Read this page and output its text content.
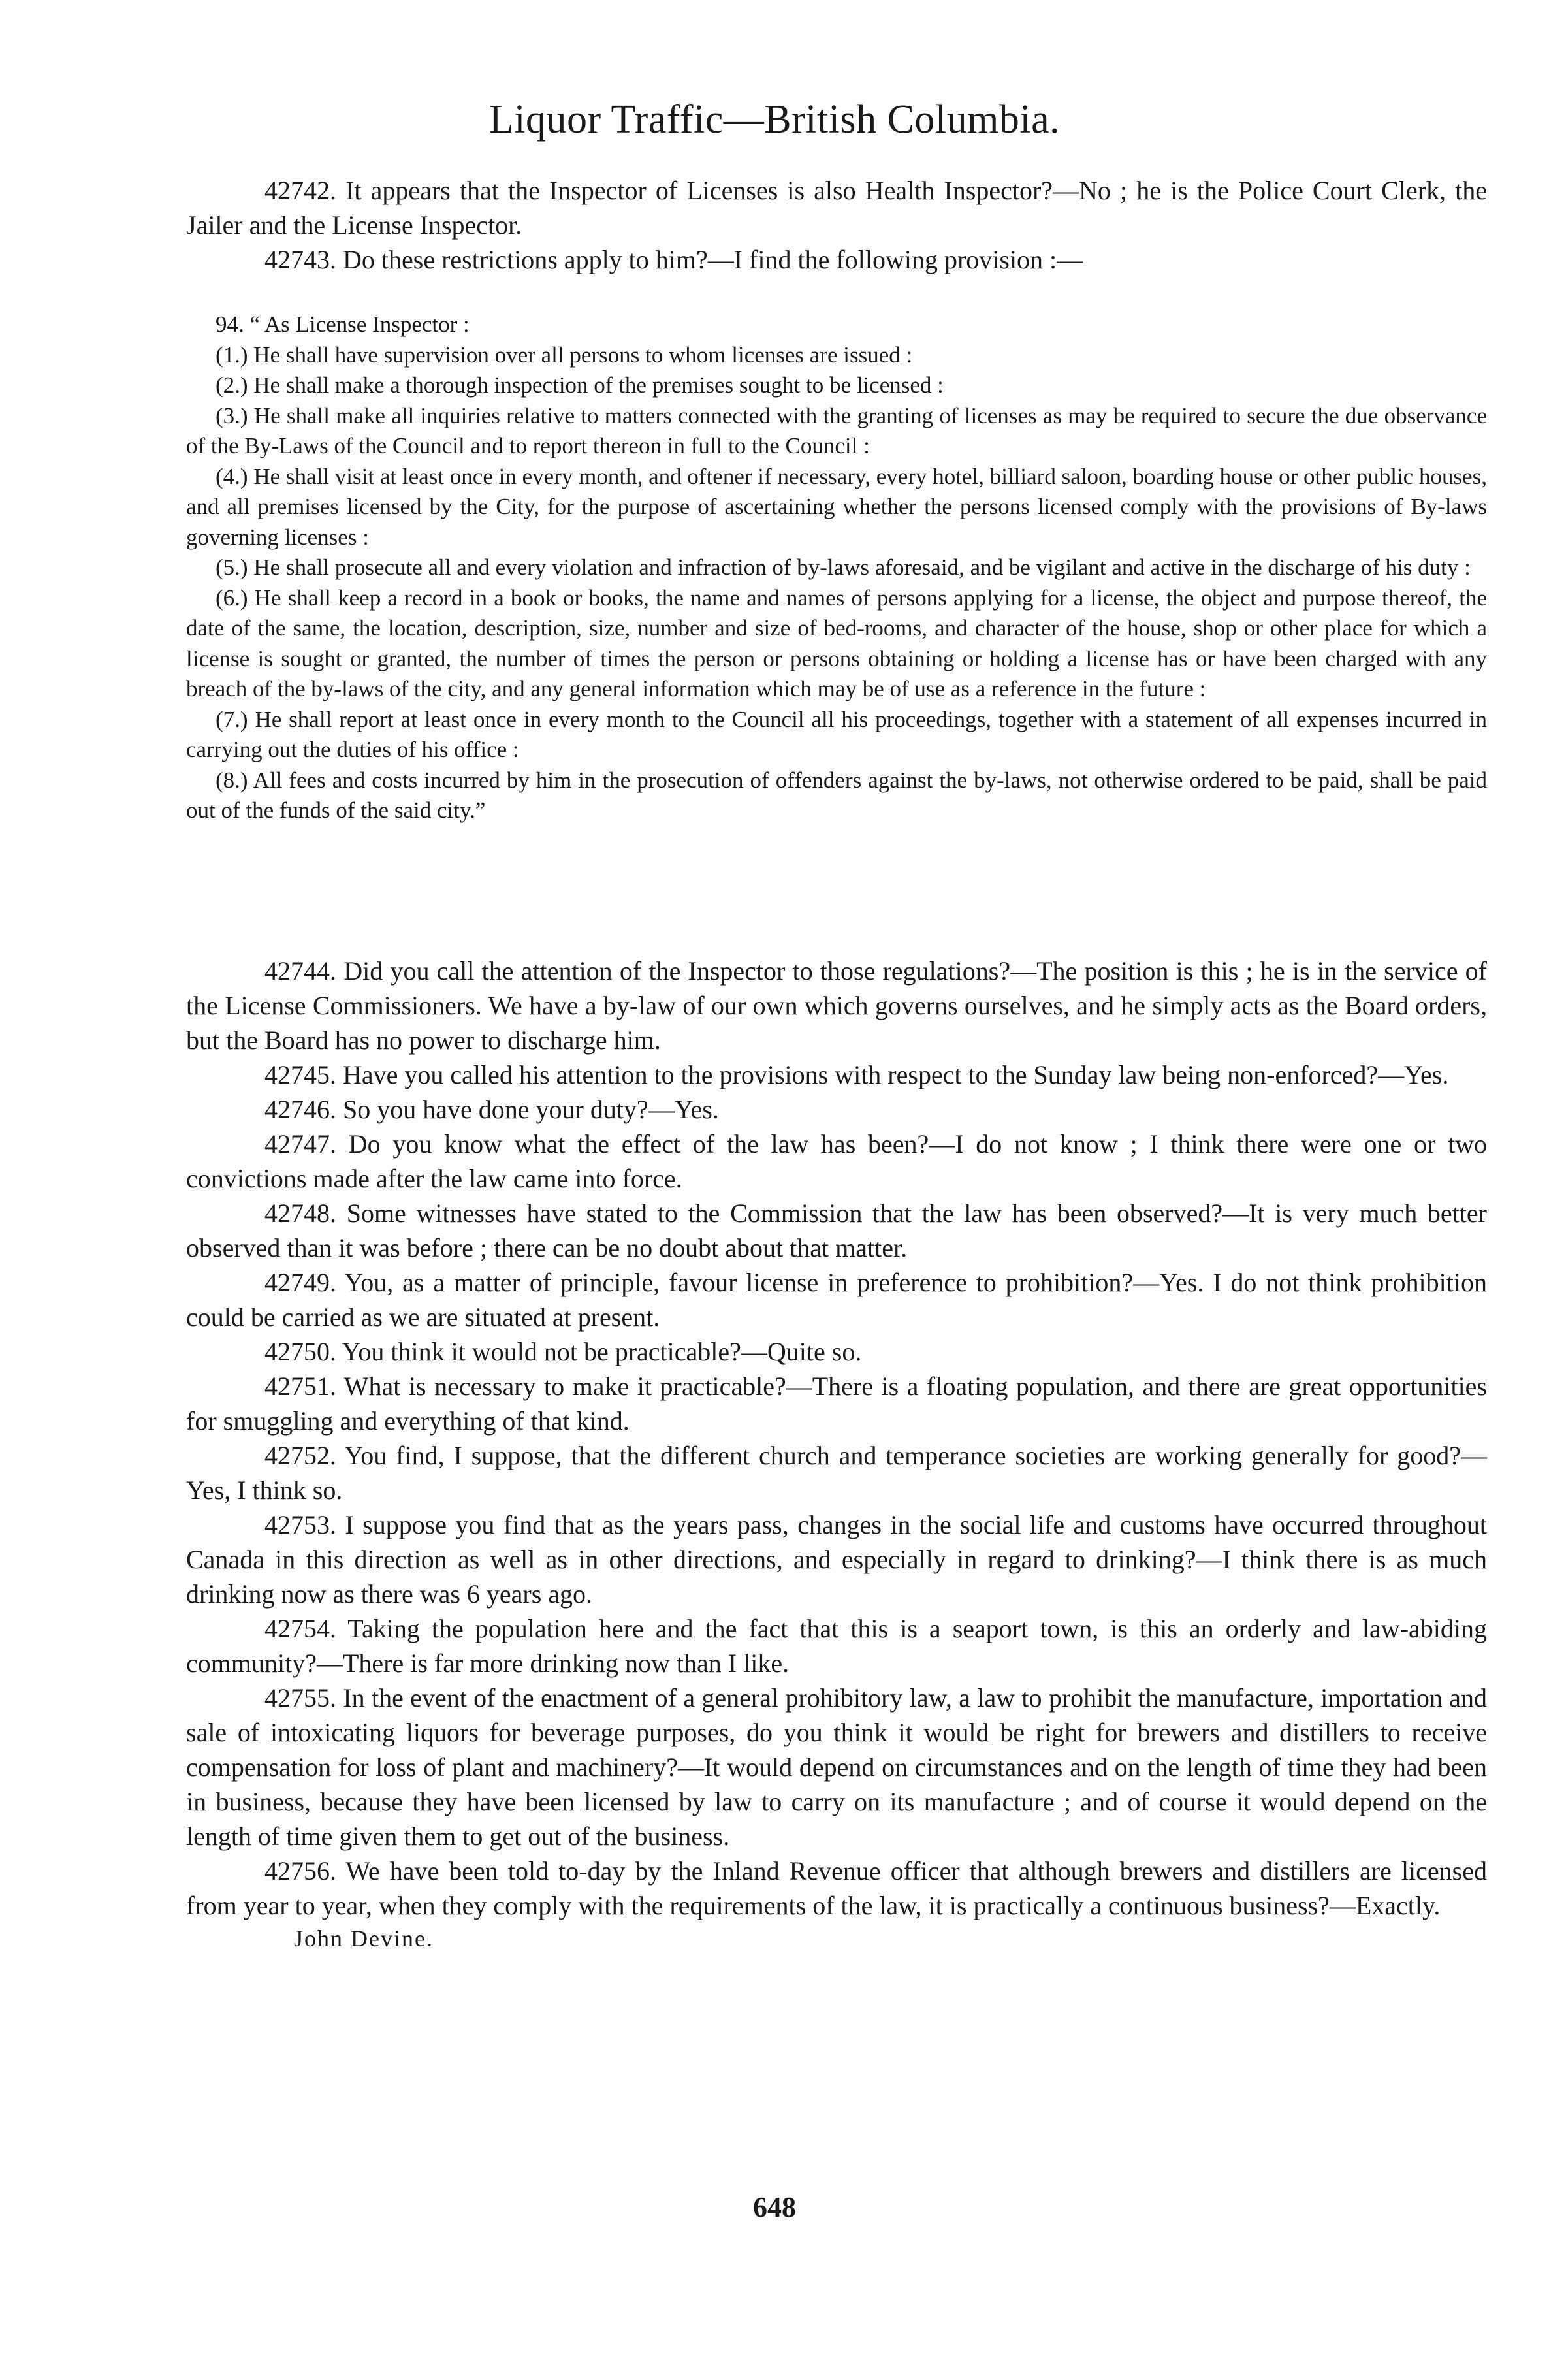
Liquor Traffic—British Columbia.

42742. It appears that the Inspector of Licenses is also Health Inspector?—No ; he is the Police Court Clerk, the Jailer and the License Inspector.

42743. Do these restrictions apply to him?—I find the following provision :—

94. “ As License Inspector :

(1.) He shall have supervision over all persons to whom licenses are issued :

(2.) He shall make a thorough inspection of the premises sought to be licensed :

(3.) He shall make all inquiries relative to matters connected with the granting of licenses as may be required to secure the due observance of the By-Laws of the Council and to report thereon in full to the Council :

(4.) He shall visit at least once in every month, and oftener if necessary, every hotel, billiard saloon, boarding house or other public houses, and all premises licensed by the City, for the purpose of ascertaining whether the persons licensed comply with the provisions of By-laws governing licenses :

(5.) He shall prosecute all and every violation and infraction of by-laws aforesaid, and be vigilant and active in the discharge of his duty :

(6.) He shall keep a record in a book or books, the name and names of persons applying for a license, the object and purpose thereof, the date of the same, the location, description, size, number and size of bed-rooms, and character of the house, shop or other place for which a license is sought or granted, the number of times the person or persons obtaining or holding a license has or have been charged with any breach of the by-laws of the city, and any general information which may be of use as a reference in the future :

(7.) He shall report at least once in every month to the Council all his proceedings, together with a statement of all expenses incurred in carrying out the duties of his office :

(8.) All fees and costs incurred by him in the prosecution of offenders against the by-laws, not otherwise ordered to be paid, shall be paid out of the funds of the said city.”

42744. Did you call the attention of the Inspector to those regulations?—The position is this ; he is in the service of the License Commissioners. We have a by-law of our own which governs ourselves, and he simply acts as the Board orders, but the Board has no power to discharge him.

42745. Have you called his attention to the provisions with respect to the Sunday law being non-enforced?—Yes.

42746. So you have done your duty?—Yes.

42747. Do you know what the effect of the law has been?—I do not know ; I think there were one or two convictions made after the law came into force.

42748. Some witnesses have stated to the Commission that the law has been observed?—It is very much better observed than it was before ; there can be no doubt about that matter.

42749. You, as a matter of principle, favour license in preference to prohibition?—Yes. I do not think prohibition could be carried as we are situated at present.

42750. You think it would not be practicable?—Quite so.

42751. What is necessary to make it practicable?—There is a floating population, and there are great opportunities for smuggling and everything of that kind.

42752. You find, I suppose, that the different church and temperance societies are working generally for good?—Yes, I think so.

42753. I suppose you find that as the years pass, changes in the social life and customs have occurred throughout Canada in this direction as well as in other directions, and especially in regard to drinking?—I think there is as much drinking now as there was 6 years ago.

42754. Taking the population here and the fact that this is a seaport town, is this an orderly and law-abiding community?—There is far more drinking now than I like.

42755. In the event of the enactment of a general prohibitory law, a law to prohibit the manufacture, importation and sale of intoxicating liquors for beverage purposes, do you think it would be right for brewers and distillers to receive compensation for loss of plant and machinery?—It would depend on circumstances and on the length of time they had been in business, because they have been licensed by law to carry on its manufacture ; and of course it would depend on the length of time given them to get out of the business.

42756. We have been told to-day by the Inland Revenue officer that although brewers and distillers are licensed from year to year, when they comply with the requirements of the law, it is practically a continuous business?—Exactly.

John Devine.

648
